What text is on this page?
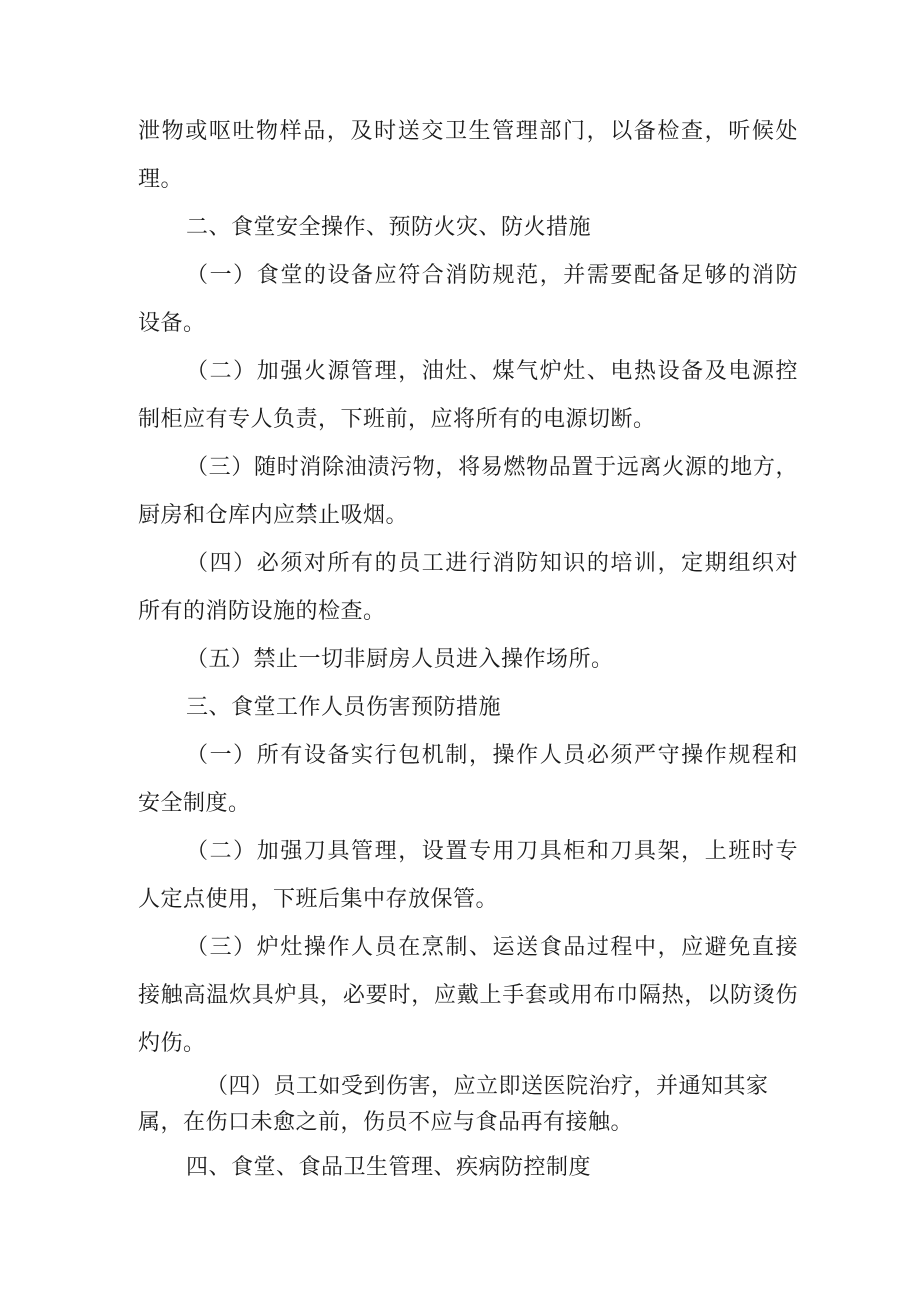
泄物或呕吐物样品，及时送交卫生管理部门，以备检查，听候处
理。
二、食堂安全操作、预防火灾、防火措施
（一）食堂的设备应符合消防规范，并需要配备足够的消防
设备。
（二）加强火源管理，油灶、煤气炉灶、电热设备及电源控
制柜应有专人负责，下班前，应将所有的电源切断。
（三）随时消除油渍污物，将易燃物品置于远离火源的地方，
厨房和仓库内应禁止吸烟。
（四）必须对所有的员工进行消防知识的培训，定期组织对
所有的消防设施的检查。
（五）禁止一切非厨房人员进入操作场所。
三、食堂工作人员伤害预防措施
（一）所有设备实行包机制，操作人员必须严守操作规程和
安全制度。
（二）加强刀具管理，设置专用刀具柜和刀具架，上班时专
人定点使用，下班后集中存放保管。
（三）炉灶操作人员在烹制、运送食品过程中，应避免直接
接触高温炊具炉具，必要时，应戴上手套或用布巾隔热，以防烫伤
灼伤。
（四）员工如受到伤害，应立即送医院治疗，并通知其家
属，在伤口未愈之前，伤员不应与食品再有接触。
四、食堂、食品卫生管理、疾病防控制度
